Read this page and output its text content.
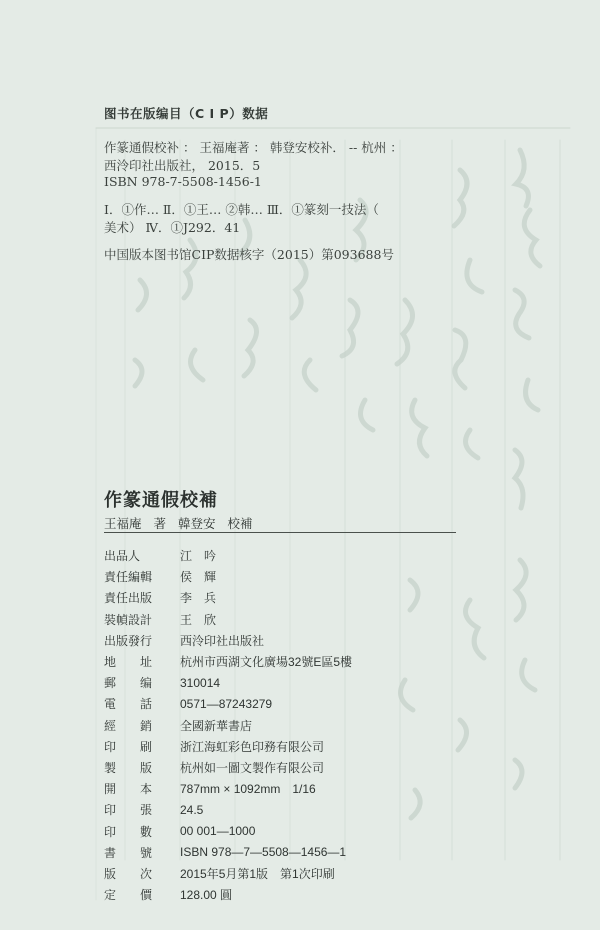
图书在版编目（C I P）数据
作篆通假校补 ： 王福庵著 ： 韩登安校补． -- 杭州 ：
西泠印社出版社， 2015．5
ISBN 978-7-5508-1456-1
Ⅰ．①作… Ⅱ．①王… ②韩… Ⅲ．①篆刻一技法（
美术） Ⅳ．①J292．41
中国版本图书馆CIP数据核字（2015）第093688号
作篆通假校補
王福庵 著 韓登安 校補
出品人	江　吟
責任編輯	侯　輝
責任出版	李　兵
裝幀設計	王　欣
出版發行	西泠印社出版社
地　　址	杭州市西湖文化廣場32號E區5樓
郵　　编	310014
電　　話	0571—87243279
經　　銷	全國新華書店
印　　刷	浙江海虹彩色印務有限公司
製　　版	杭州如一圖文製作有限公司
開　　本	787mm × 1092mm　1/16
印　　張	24.5
印　　數	00 001—1000
書　　號	ISBN 978—7—5508—1456—1
版　　次	2015年5月第1版　第1次印刷
定　　價	128.00 圓
